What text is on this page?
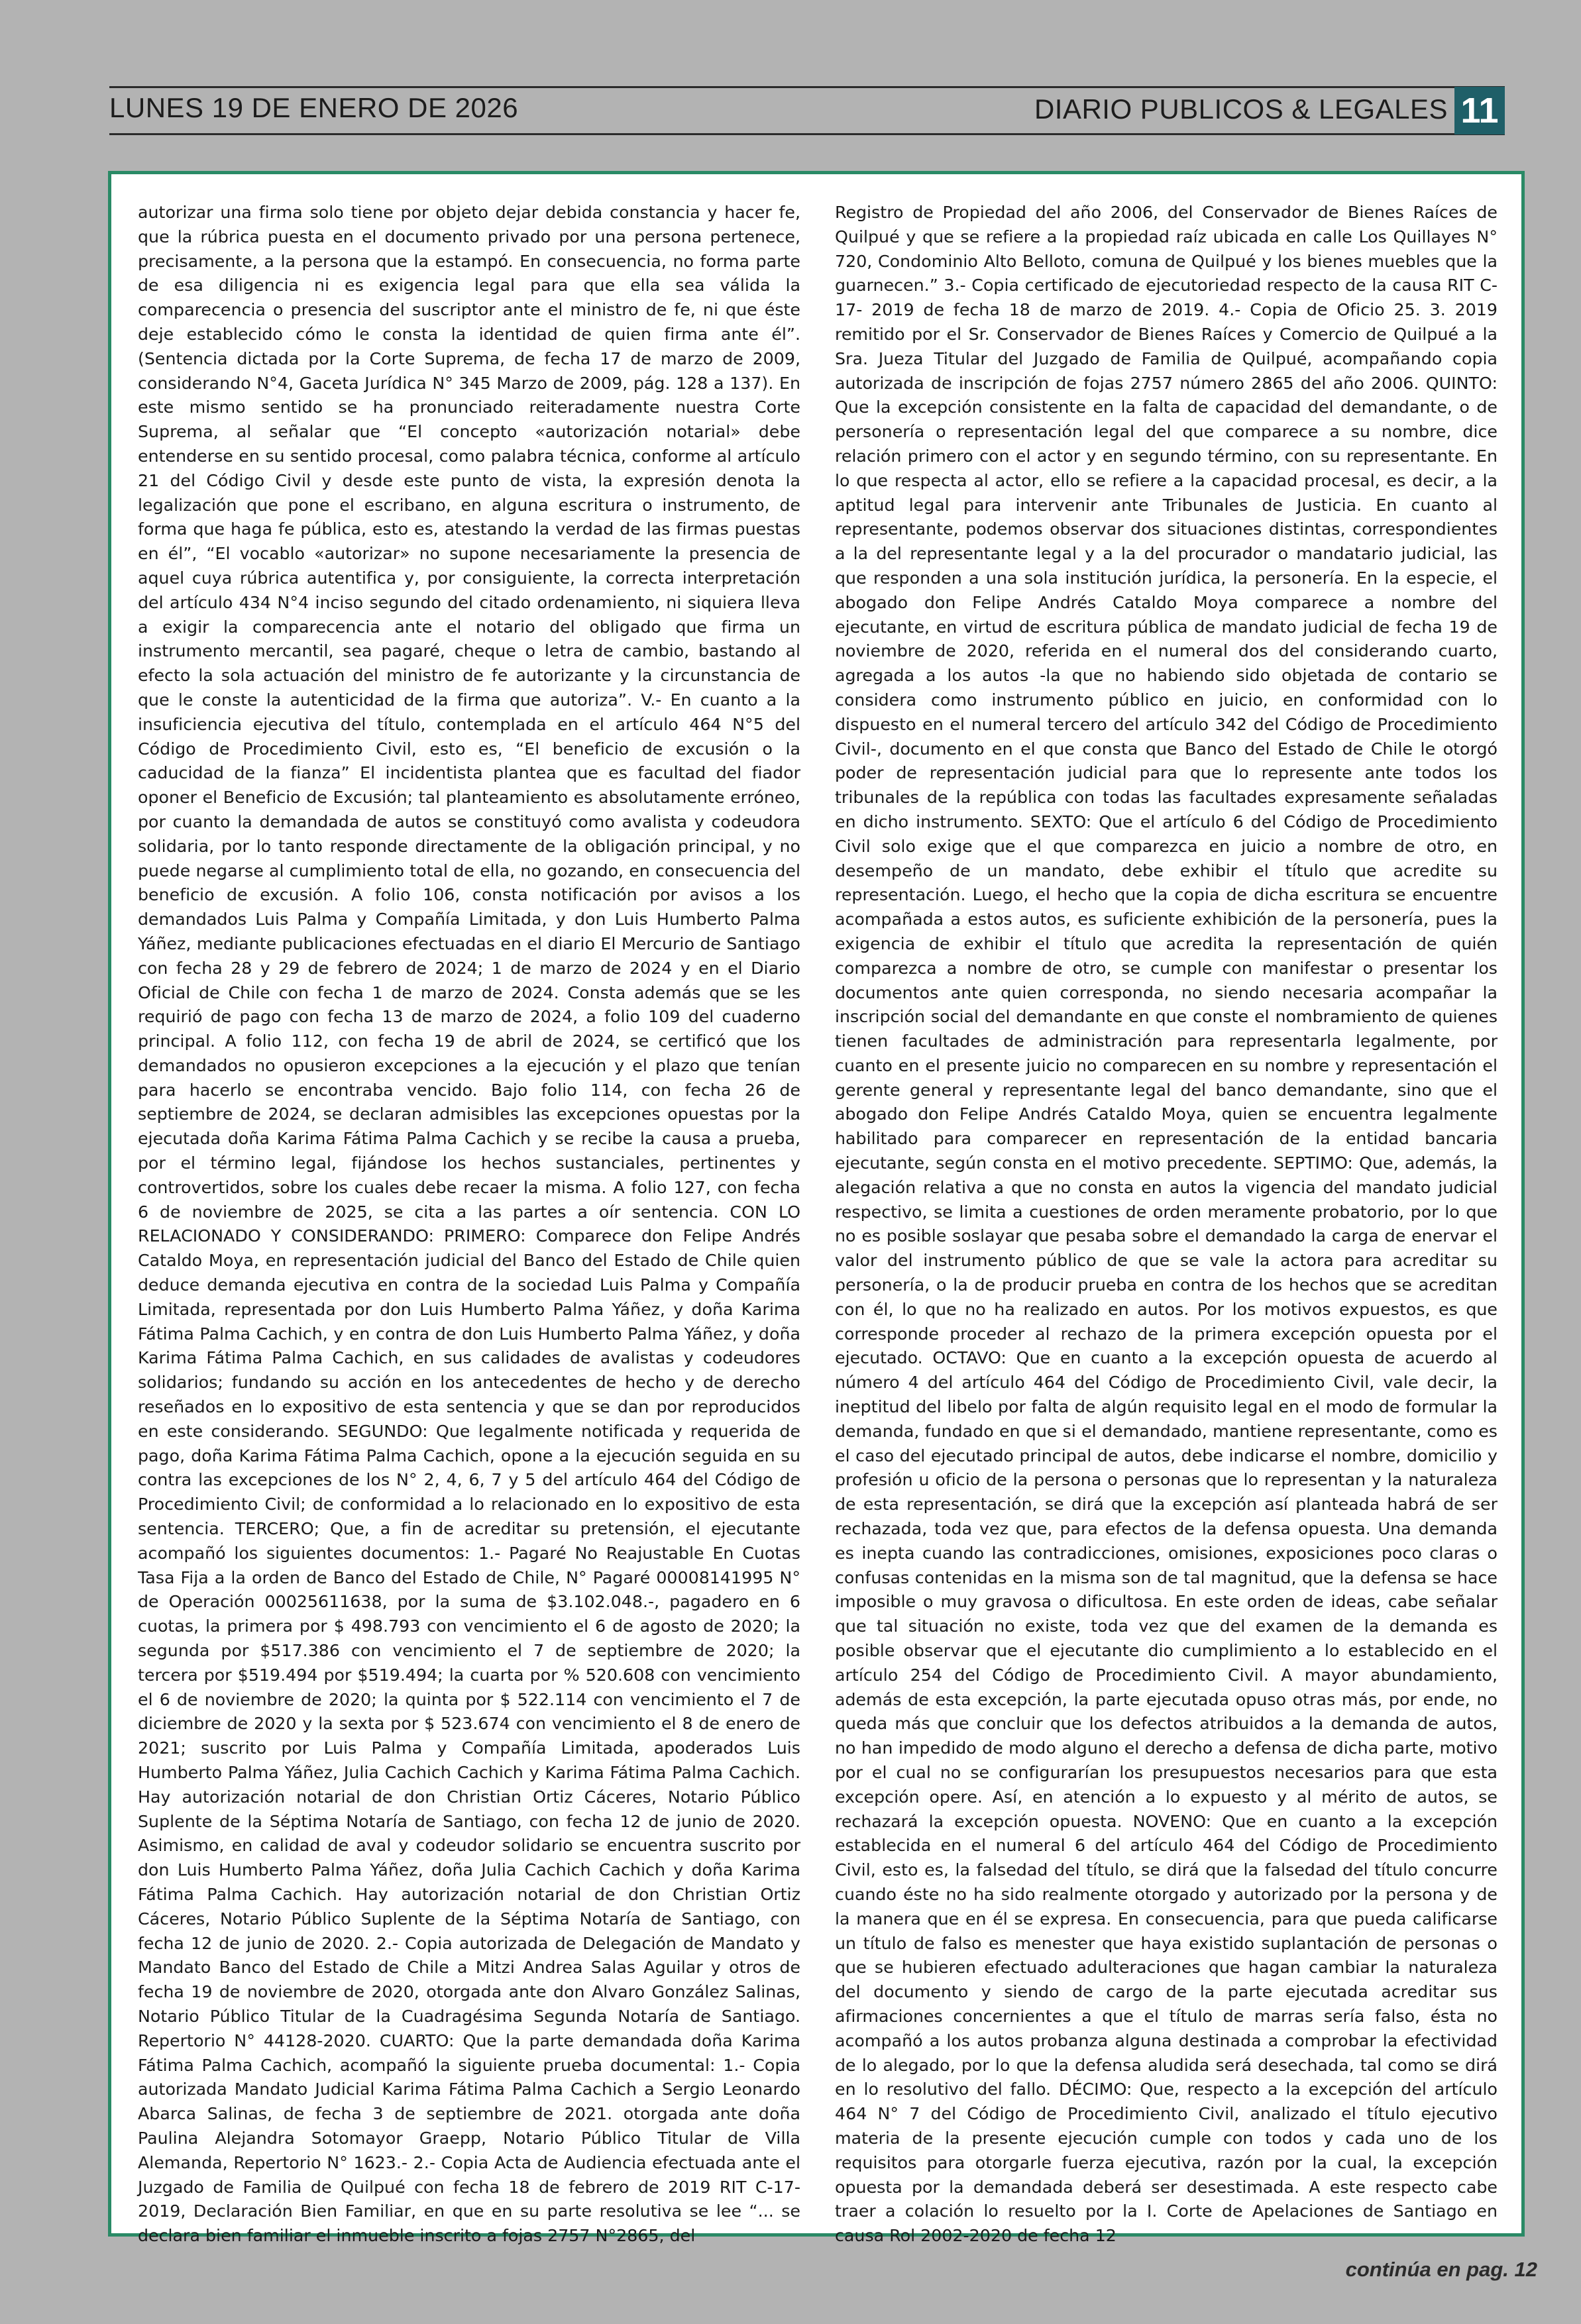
LUNES 19 DE ENERO DE 2026	DIARIO PUBLICOS & LEGALES 11

autorizar una firma solo tiene por objeto dejar debida constancia y hacer fe, que la rúbrica puesta en el documento privado por una persona pertenece, precisamente, a la persona que la estampó. En consecuencia, no forma parte de esa diligencia ni es exigencia legal para que ella sea válida la comparecencia o presencia del suscriptor ante el ministro de fe, ni que éste deje establecido cómo le consta la identidad de quien firma ante él”. (Sentencia dictada por la Corte Suprema, de fecha 17 de marzo de 2009, considerando N°4, Gaceta Jurídica N° 345 Marzo de 2009, pág. 128 a 137). En este mismo sentido se ha pronunciado reiteradamente nuestra Corte Suprema, al señalar que “El concepto «autorización notarial» debe entenderse en su sentido procesal, como palabra técnica, conforme al artículo 21 del Código Civil y desde este punto de vista, la expresión denota la legalización que pone el escribano, en alguna escritura o instrumento, de forma que haga fe pública, esto es, atestando la verdad de las firmas puestas en él”, “El vocablo «autorizar» no supone necesariamente la presencia de aquel cuya rúbrica autentifica y, por consiguiente, la correcta interpretación del artículo 434 N°4 inciso segundo del citado ordenamiento, ni siquiera lleva a exigir la comparecencia ante el notario del obligado que firma un instrumento mercantil, sea pagaré, cheque o letra de cambio, bastando al efecto la sola actuación del ministro de fe autorizante y la circunstancia de que le conste la autenticidad de la firma que autoriza”. V.- En cuanto a la insuficiencia ejecutiva del título, contemplada en el artículo 464 N°5 del Código de Procedimiento Civil, esto es, “El beneficio de excusión o la caducidad de la fianza” El incidentista plantea que es facultad del fiador oponer el Beneficio de Excusión; tal planteamiento es absolutamente erróneo, por cuanto la demandada de autos se constituyó como avalista y codeudora solidaria, por lo tanto responde directamente de la obligación principal, y no puede negarse al cumplimiento total de ella, no gozando, en consecuencia del beneficio de excusión. A folio 106, consta notificación por avisos a los demandados Luis Palma y Compañía Limitada, y don Luis Humberto Palma Yáñez, mediante publicaciones efectuadas en el diario El Mercurio de Santiago con fecha 28 y 29 de febrero de 2024; 1 de marzo de 2024 y en el Diario Oficial de Chile con fecha 1 de marzo de 2024. Consta además que se les requirió de pago con fecha 13 de marzo de 2024, a folio 109 del cuaderno principal. A folio 112, con fecha 19 de abril de 2024, se certificó que los demandados no opusieron excepciones a la ejecución y el plazo que tenían para hacerlo se encontraba vencido. Bajo folio 114, con fecha 26 de septiembre de 2024, se declaran admisibles las excepciones opuestas por la ejecutada doña Karima Fátima Palma Cachich y se recibe la causa a prueba, por el término legal, fijándose los hechos sustanciales, pertinentes y controvertidos, sobre los cuales debe recaer la misma. A folio 127, con fecha 6 de noviembre de 2025, se cita a las partes a oír sentencia. CON LO RELACIONADO Y CONSIDERANDO: PRIMERO: Comparece don Felipe Andrés Cataldo Moya, en representación judicial del Banco del Estado de Chile quien deduce demanda ejecutiva en contra de la sociedad Luis Palma y Compañía Limitada, representada por don Luis Humberto Palma Yáñez, y doña Karima Fátima Palma Cachich, y en contra de don Luis Humberto Palma Yáñez, y doña Karima Fátima Palma Cachich, en sus calidades de avalistas y codeudores solidarios; fundando su acción en los antecedentes de hecho y de derecho reseñados en lo expositivo de esta sentencia y que se dan por reproducidos en este considerando. SEGUNDO: Que legalmente notificada y requerida de pago, doña Karima Fátima Palma Cachich, opone a la ejecución seguida en su contra las excepciones de los N° 2, 4, 6, 7 y 5 del artículo 464 del Código de Procedimiento Civil; de conformidad a lo relacionado en lo expositivo de esta sentencia. TERCERO; Que, a fin de acreditar su pretensión, el ejecutante acompañó los siguientes documentos: 1.- Pagaré No Reajustable En Cuotas Tasa Fija a la orden de Banco del Estado de Chile, N° Pagaré 00008141995 N° de Operación 00025611638, por la suma de $3.102.048.-, pagadero en 6 cuotas, la primera por $ 498.793 con vencimiento el 6 de agosto de 2020; la segunda por $517.386 con vencimiento el 7 de septiembre de 2020; la tercera por $519.494 por $519.494; la cuarta por % 520.608 con vencimiento el 6 de noviembre de 2020; la quinta por $ 522.114 con vencimiento el 7 de diciembre de 2020 y la sexta por $ 523.674 con vencimiento el 8 de enero de 2021; suscrito por Luis Palma y Compañía Limitada, apoderados Luis Humberto Palma Yáñez, Julia Cachich Cachich y Karima Fátima Palma Cachich. Hay autorización notarial de don Christian Ortiz Cáceres, Notario Público Suplente de la Séptima Notaría de Santiago, con fecha 12 de junio de 2020. Asimismo, en calidad de aval y codeudor solidario se encuentra suscrito por don Luis Humberto Palma Yáñez, doña Julia Cachich Cachich y doña Karima Fátima Palma Cachich. Hay autorización notarial de don Christian Ortiz Cáceres, Notario Público Suplente de la Séptima Notaría de Santiago, con fecha 12 de junio de 2020. 2.- Copia autorizada de Delegación de Mandato y Mandato Banco del Estado de Chile a Mitzi Andrea Salas Aguilar y otros de fecha 19 de noviembre de 2020, otorgada ante don Alvaro González Salinas, Notario Público Titular de la Cuadragésima Segunda Notaría de Santiago. Repertorio N° 44128-2020. CUARTO: Que la parte demandada doña Karima Fátima Palma Cachich, acompañó la siguiente prueba documental: 1.- Copia autorizada Mandato Judicial Karima Fátima Palma Cachich a Sergio Leonardo Abarca Salinas, de fecha 3 de septiembre de 2021. otorgada ante doña Paulina Alejandra Sotomayor Graepp, Notario Público Titular de Villa Alemanda, Repertorio N° 1623.- 2.- Copia Acta de Audiencia efectuada ante el Juzgado de Familia de Quilpué con fecha 18 de febrero de 2019 RIT C-17-2019, Declaración Bien Familiar, en que en su parte resolutiva se lee “... se declara bien familiar el inmueble inscrito a fojas 2757 N°2865, del

Registro de Propiedad del año 2006, del Conservador de Bienes Raíces de Quilpué y que se refiere a la propiedad raíz ubicada en calle Los Quillayes N° 720, Condominio Alto Belloto, comuna de Quilpué y los bienes muebles que la guarnecen.” 3.- Copia certificado de ejecutoriedad respecto de la causa RIT C-17- 2019 de fecha 18 de marzo de 2019. 4.- Copia de Oficio 25. 3. 2019 remitido por el Sr. Conservador de Bienes Raíces y Comercio de Quilpué a la Sra. Jueza Titular del Juzgado de Familia de Quilpué, acompañando copia autorizada de inscripción de fojas 2757 número 2865 del año 2006. QUINTO: Que la excepción consistente en la falta de capacidad del demandante, o de personería o representación legal del que comparece a su nombre, dice relación primero con el actor y en segundo término, con su representante. En lo que respecta al actor, ello se refiere a la capacidad procesal, es decir, a la aptitud legal para intervenir ante Tribunales de Justicia. En cuanto al representante, podemos observar dos situaciones distintas, correspondientes a la del representante legal y a la del procurador o mandatario judicial, las que responden a una sola institución jurídica, la personería. En la especie, el abogado don Felipe Andrés Cataldo Moya comparece a nombre del ejecutante, en virtud de escritura pública de mandato judicial de fecha 19 de noviembre de 2020, referida en el numeral dos del considerando cuarto, agregada a los autos -la que no habiendo sido objetada de contario se considera como instrumento público en juicio, en conformidad con lo dispuesto en el numeral tercero del artículo 342 del Código de Procedimiento Civil-, documento en el que consta que Banco del Estado de Chile le otorgó poder de representación judicial para que lo represente ante todos los tribunales de la república con todas las facultades expresamente señaladas en dicho instrumento. SEXTO: Que el artículo 6 del Código de Procedimiento Civil solo exige que el que comparezca en juicio a nombre de otro, en desempeño de un mandato, debe exhibir el título que acredite su representación. Luego, el hecho que la copia de dicha escritura se encuentre acompañada a estos autos, es suficiente exhibición de la personería, pues la exigencia de exhibir el título que acredita la representación de quién comparezca a nombre de otro, se cumple con manifestar o presentar los documentos ante quien corresponda, no siendo necesaria acompañar la inscripción social del demandante en que conste el nombramiento de quienes tienen facultades de administración para representarla legalmente, por cuanto en el presente juicio no comparecen en su nombre y representación el gerente general y representante legal del banco demandante, sino que el abogado don Felipe Andrés Cataldo Moya, quien se encuentra legalmente habilitado para comparecer en representación de la entidad bancaria ejecutante, según consta en el motivo precedente. SEPTIMO: Que, además, la alegación relativa a que no consta en autos la vigencia del mandato judicial respectivo, se limita a cuestiones de orden meramente probatorio, por lo que no es posible soslayar que pesaba sobre el demandado la carga de enervar el valor del instrumento público de que se vale la actora para acreditar su personería, o la de producir prueba en contra de los hechos que se acreditan con él, lo que no ha realizado en autos. Por los motivos expuestos, es que corresponde proceder al rechazo de la primera excepción opuesta por el ejecutado. OCTAVO: Que en cuanto a la excepción opuesta de acuerdo al número 4 del artículo 464 del Código de Procedimiento Civil, vale decir, la ineptitud del libelo por falta de algún requisito legal en el modo de formular la demanda, fundado en que si el demandado, mantiene representante, como es el caso del ejecutado principal de autos, debe indicarse el nombre, domicilio y profesión u oficio de la persona o personas que lo representan y la naturaleza de esta representación, se dirá que la excepción así planteada habrá de ser rechazada, toda vez que, para efectos de la defensa opuesta. Una demanda es inepta cuando las contradicciones, omisiones, exposiciones poco claras o confusas contenidas en la misma son de tal magnitud, que la defensa se hace imposible o muy gravosa o dificultosa. En este orden de ideas, cabe señalar que tal situación no existe, toda vez que del examen de la demanda es posible observar que el ejecutante dio cumplimiento a lo establecido en el artículo 254 del Código de Procedimiento Civil. A mayor abundamiento, además de esta excepción, la parte ejecutada opuso otras más, por ende, no queda más que concluir que los defectos atribuidos a la demanda de autos, no han impedido de modo alguno el derecho a defensa de dicha parte, motivo por el cual no se configurarían los presupuestos necesarios para que esta excepción opere. Así, en atención a lo expuesto y al mérito de autos, se rechazará la excepción opuesta. NOVENO: Que en cuanto a la excepción establecida en el numeral 6 del artículo 464 del Código de Procedimiento Civil, esto es, la falsedad del título, se dirá que la falsedad del título concurre cuando éste no ha sido realmente otorgado y autorizado por la persona y de la manera que en él se expresa. En consecuencia, para que pueda calificarse un título de falso es menester que haya existido suplantación de personas o que se hubieren efectuado adulteraciones que hagan cambiar la naturaleza del documento y siendo de cargo de la parte ejecutada acreditar sus afirmaciones concernientes a que el título de marras sería falso, ésta no acompañó a los autos probanza alguna destinada a comprobar la efectividad de lo alegado, por lo que la defensa aludida será desechada, tal como se dirá en lo resolutivo del fallo. DÉCIMO: Que, respecto a la excepción del artículo 464 N° 7 del Código de Procedimiento Civil, analizado el título ejecutivo materia de la presente ejecución cumple con todos y cada uno de los requisitos para otorgarle fuerza ejecutiva, razón por la cual, la excepción opuesta por la demandada deberá ser desestimada. A este respecto cabe traer a colación lo resuelto por la I. Corte de Apelaciones de Santiago en causa Rol 2002-2020 de fecha 12

continúa en pag. 12
